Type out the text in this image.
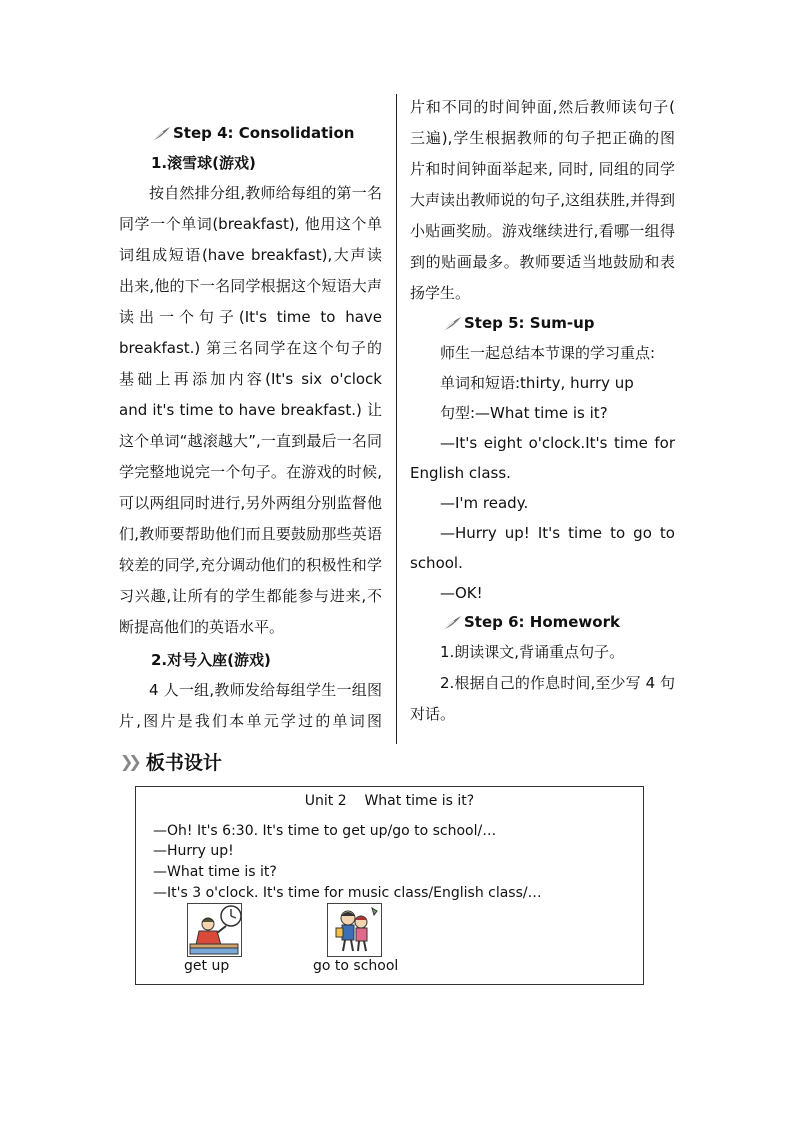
Step 4: Consolidation
1.滚雪球(游戏)
按自然排分组,教师给每组的第一名同学一个单词(breakfast), 他用这个单词组成短语(have breakfast),大声读出来,他的下一名同学根据这个短语大声读出一个句子(It's time to have breakfast.) 第三名同学在这个句子的基础上再添加内容(It's six o'clock and it's time to have breakfast.) 让这个单词“越滚越大”,一直到最后一名同学完整地说完一个句子。在游戏的时候,可以两组同时进行,另外两组分别监督他们,教师要帮助他们而且要鼓励那些英语较差的同学,充分调动他们的积极性和学习兴趣,让所有的学生都能参与进来,不断提高他们的英语水平。
2.对号入座(游戏)
4 人一组,教师发给每组学生一组图片,图片是我们本单元学过的单词图
片和不同的时间钟面,然后教师读句子( 三遍),学生根据教师的句子把正确的图片和时间钟面举起来, 同时, 同组的同学大声读出教师说的句子,这组获胜,并得到小贴画奖励。游戏继续进行,看哪一组得到的贴画最多。教师要适当地鼓励和表扬学生。
Step 5: Sum-up
师生一起总结本节课的学习重点:
单词和短语:thirty, hurry up
句型:—What time is it?
—It's eight o'clock.It's time for English class.
—I'm ready.
—Hurry up! It's time to go to school.
—OK!
Step 6: Homework
1.朗读课文,背诵重点句子。
2.根据自己的作息时间,至少写 4 句对话。
❯❯ 板书设计
Unit 2    What time is it?
—Oh! It's 6:30. It's time to get up/go to school/…
—Hurry up!
—What time is it?
—It's 3 o'clock. It's time for music class/English class/…
get up	go to school
